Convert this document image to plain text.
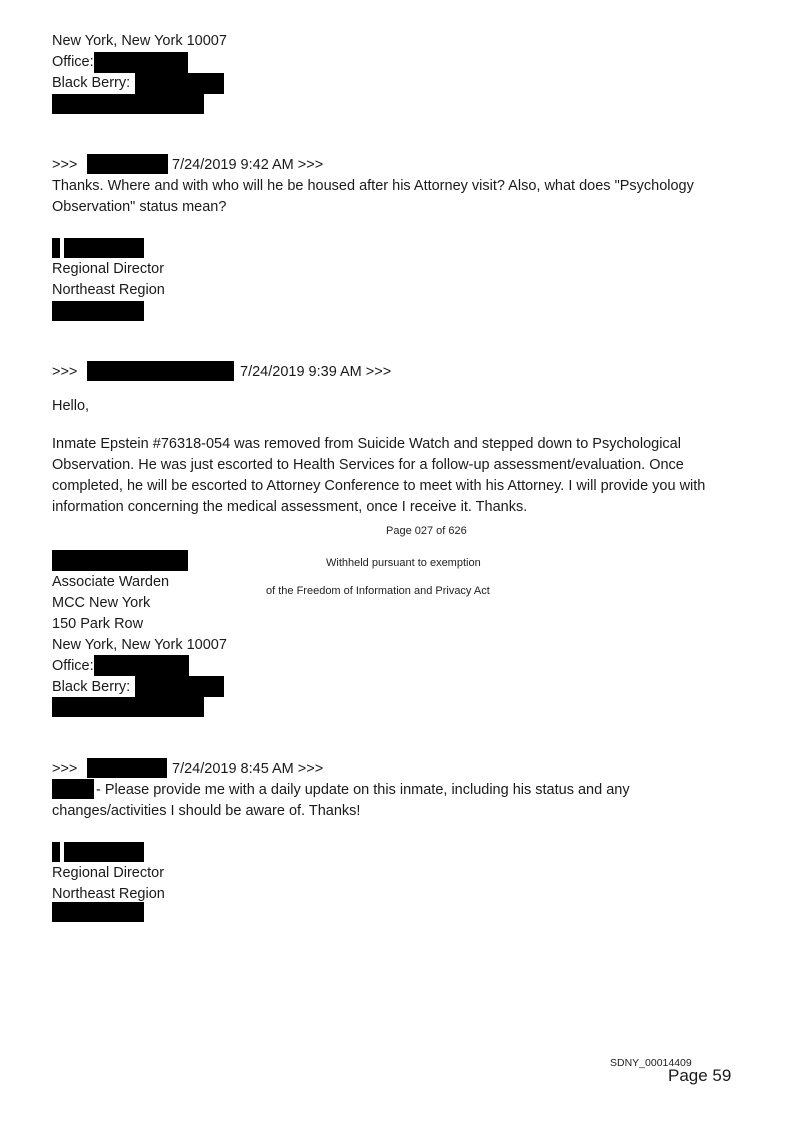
New York, New York 10007
Office:
Black Berry:
>>>	7/24/2019 9:42 AM >>>
Thanks. Where and with who will he be housed after his Attorney visit? Also, what does "Psychology
Observation" status mean?
Regional Director
Northeast Region
>>>	7/24/2019 9:39 AM >>>
Hello,
Inmate Epstein #76318-054 was removed from Suicide Watch and stepped down to Psychological
Observation. He was just escorted to Health Services for a follow-up assessment/evaluation. Once
completed, he will be escorted to Attorney Conference to meet with his Attorney. I will provide you with
information concerning the medical assessment, once I receive it. Thanks.
Page 027 of 626
Withheld pursuant to exemption
Associate Warden
of the Freedom of Information and Privacy Act
MCC New York
150 Park Row
New York, New York 10007
Office:
Black Berry:
>>>	7/24/2019 8:45 AM >>>
- Please provide me with a daily update on this inmate, including his status and any
changes/activities I should be aware of. Thanks!
Regional Director
Northeast Region
SDNY_00014409
Page 59
